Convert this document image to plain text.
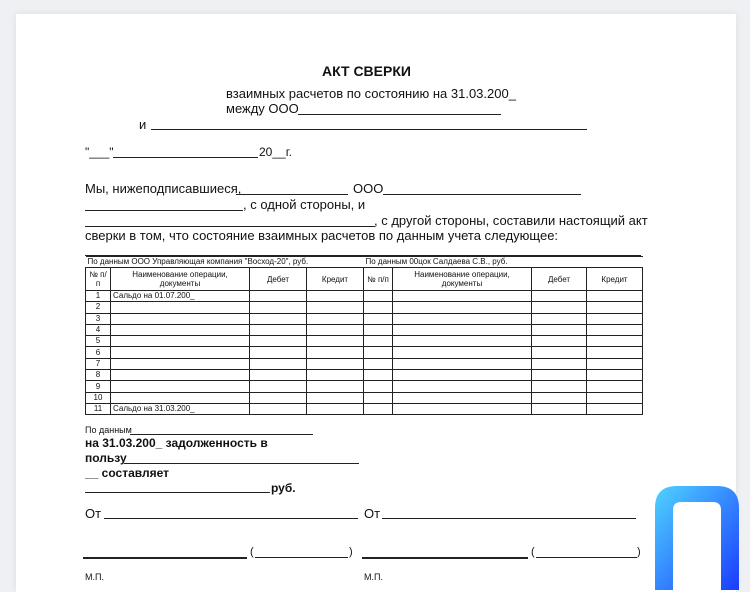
АКТ СВЕРКИ
взаимных расчетов по состоянию на 31.03.200_
между ООО
и
"___"	20__г.
Мы, нижеподписавшиеся,	ООО
, с одной стороны, и
, с другой стороны, составили настоящий акт
сверки в том, что состояние взаимных расчетов по данным учета следующее:
По данным ООО Управляющая компания "Восход-20", руб.				По данным 00цок Салдаева С.В., руб.			
№ п/п	Наименование операции, документы	Дебет	Кредит	№ п/п	Наименование операции, документы	Дебет	Кредит
1	Сальдо на 01.07.200_						
2							
3							
4							
5							
6							
7							
8							
9							
10							
11	Сальдо на 31.03.200_						
По данным
на 31.03.200_ задолженность в
пользу
__ составляет
руб.
От	От
(	)	(	)
М.П.	М.П.
